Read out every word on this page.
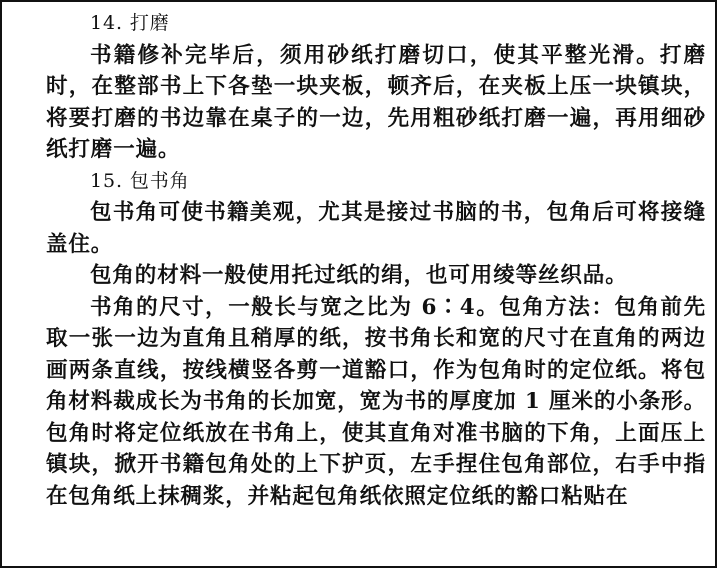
14. 打磨

书籍修补完毕后，须用砂纸打磨切口，使其平整光滑。打磨时，在整部书上下各垫一块夹板，顿齐后，在夹板上压一块镇块，将要打磨的书边靠在桌子的一边，先用粗砂纸打磨一遍，再用细砂纸打磨一遍。

15. 包书角

包书角可使书籍美观，尤其是接过书脑的书，包角后可将接缝盖住。

包角的材料一般使用托过纸的绢，也可用绫等丝织品。

书角的尺寸，一般长与宽之比为 6∶4。包角方法：包角前先取一张一边为直角且稍厚的纸，按书角长和宽的尺寸在直角的两边画两条直线，按线横竖各剪一道豁口，作为包角时的定位纸。将包角材料裁成长为书角的长加宽，宽为书的厚度加 1 厘米的小条形。包角时将定位纸放在书角上，使其直角对准书脑的下角，上面压上镇块，掀开书籍包角处的上下护页，左手捏住包角部位，右手中指在包角纸上抹稠浆，并粘起包角纸依照定位纸的豁口粘贴在
